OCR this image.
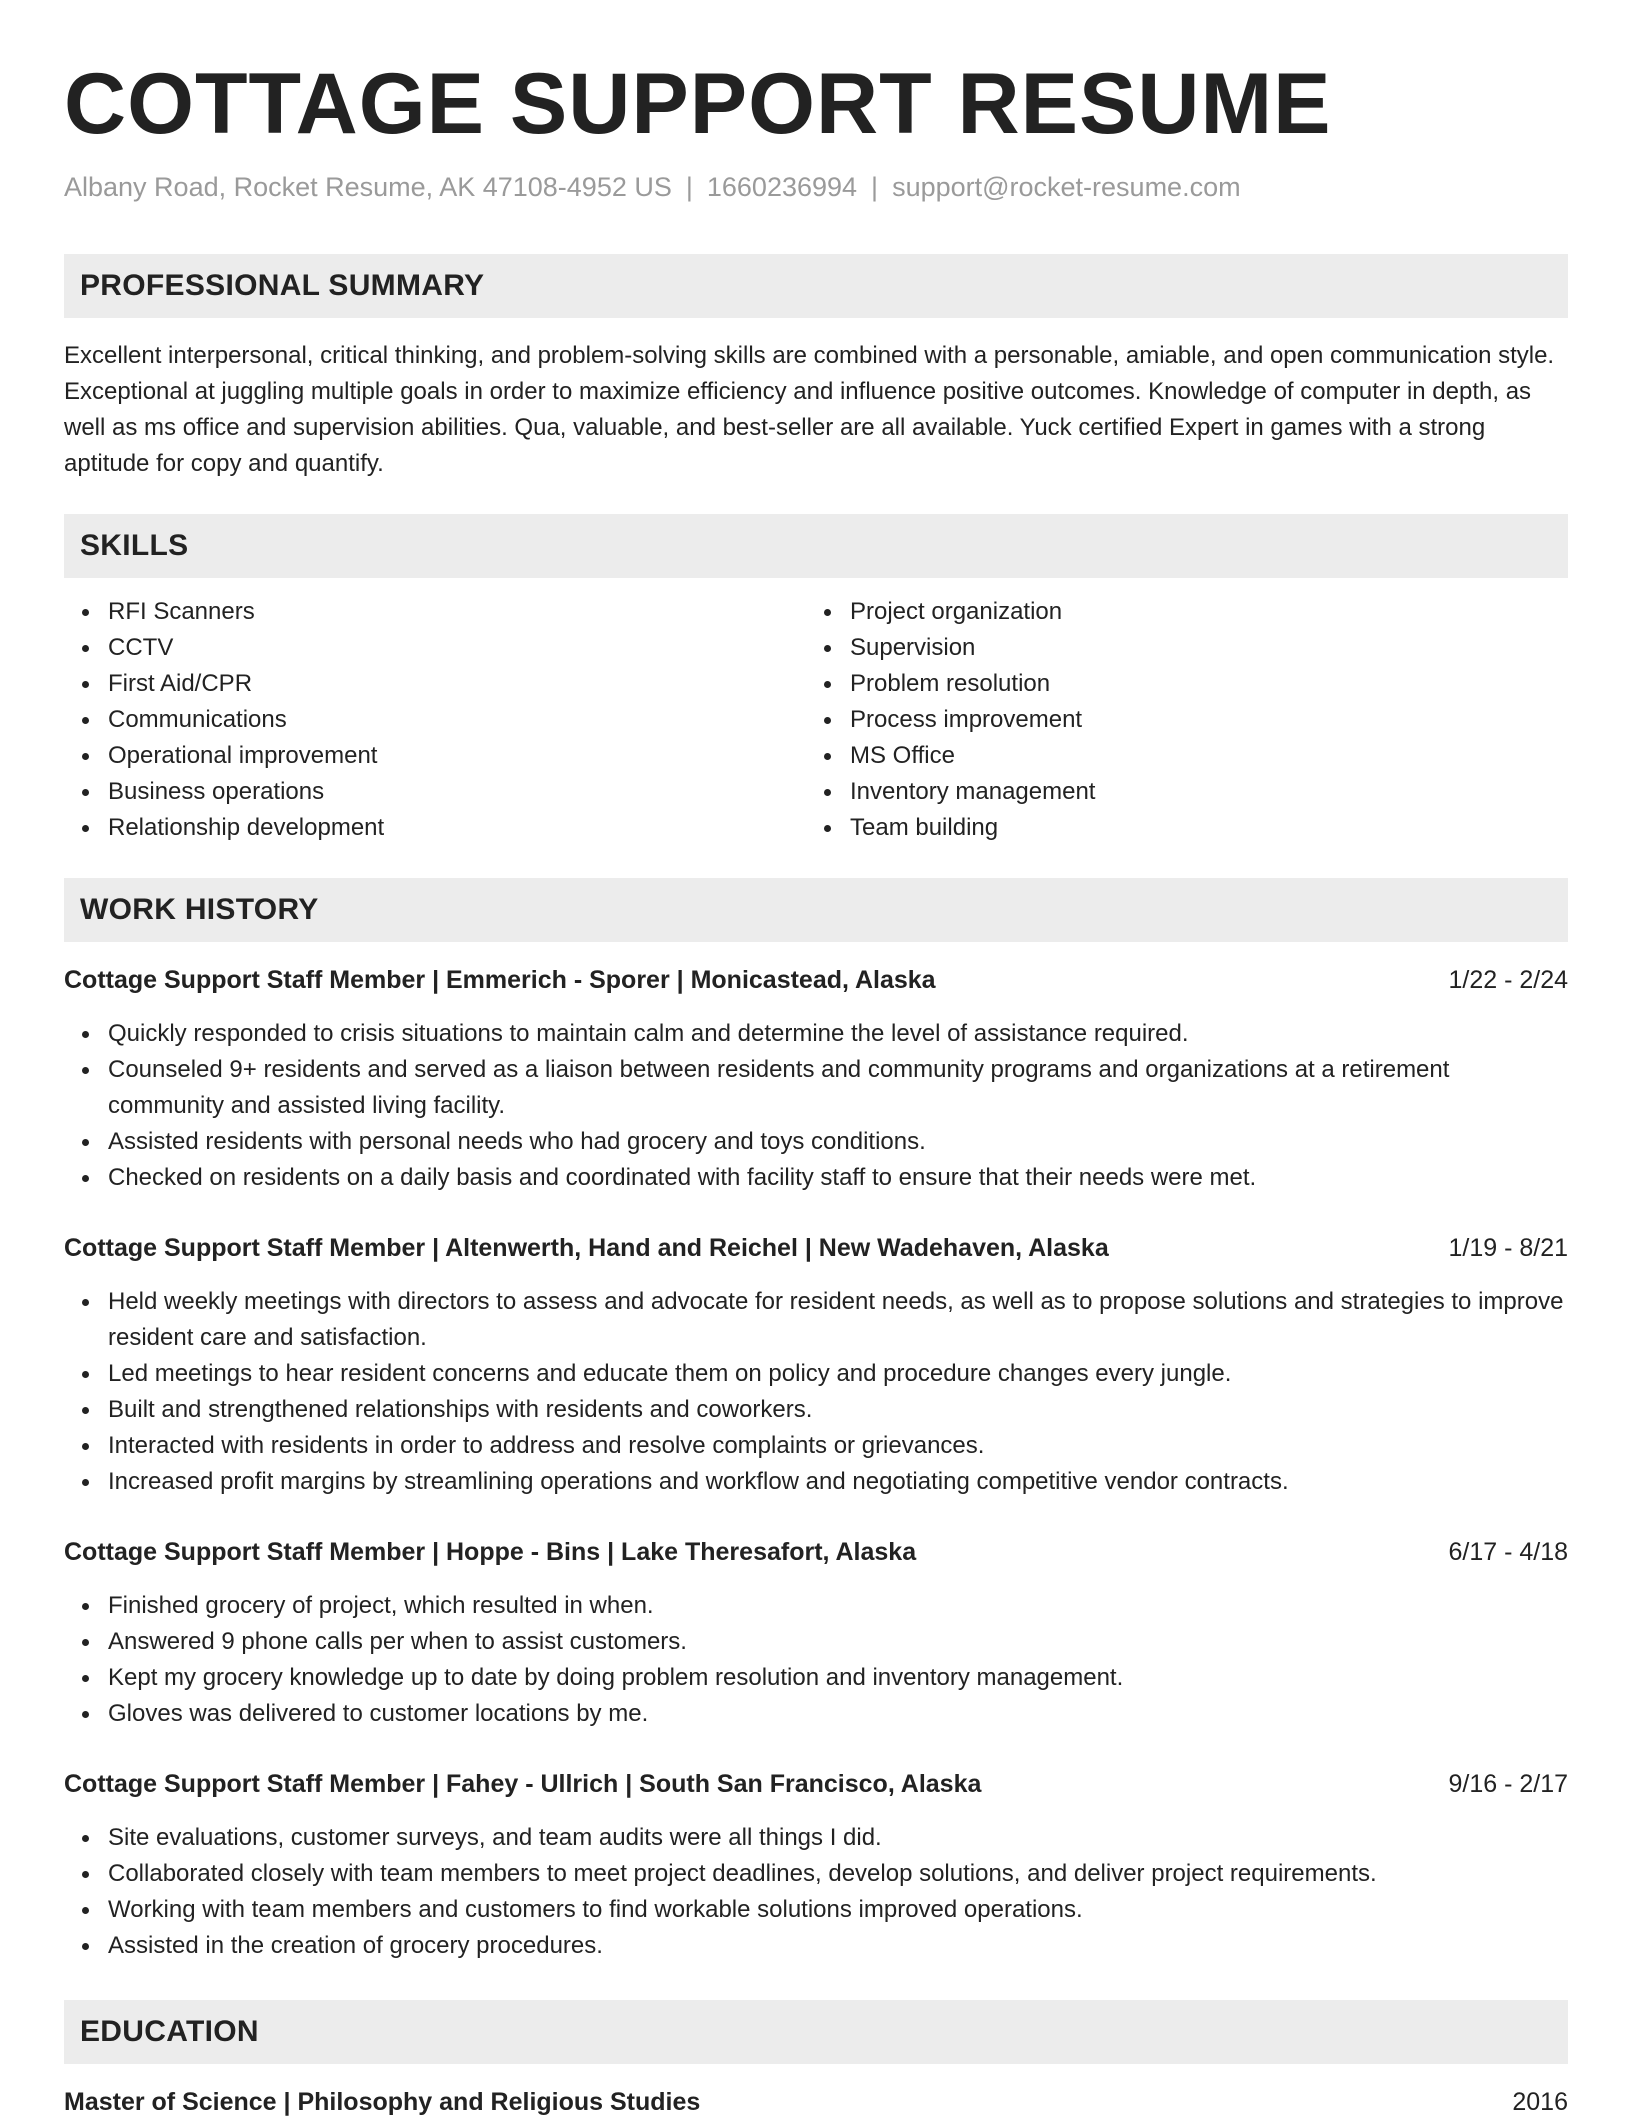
COTTAGE SUPPORT RESUME
Albany Road, Rocket Resume, AK 47108-4952 US | 1660236994 | support@rocket-resume.com
PROFESSIONAL SUMMARY

Excellent interpersonal, critical thinking, and problem-solving skills are combined with a personable, amiable, and open communication style. Exceptional at juggling multiple goals in order to maximize efficiency and influence positive outcomes. Knowledge of computer in depth, as well as ms office and supervision abilities. Qua, valuable, and best-seller are all available. Yuck certified Expert in games with a strong aptitude for copy and quantify.

SKILLS
RFI Scanners
CCTV
First Aid/CPR
Communications
Operational improvement
Business operations
Relationship development
Project organization
Supervision
Problem resolution
Process improvement
MS Office
Inventory management
Team building
WORK HISTORY
Cottage Support Staff Member | Emmerich - Sporer | Monicastead, Alaska	1/22 - 2/24
Quickly responded to crisis situations to maintain calm and determine the level of assistance required.
Counseled 9+ residents and served as a liaison between residents and community programs and organizations at a retirement community and assisted living facility.
Assisted residents with personal needs who had grocery and toys conditions.
Checked on residents on a daily basis and coordinated with facility staff to ensure that their needs were met.
Cottage Support Staff Member | Altenwerth, Hand and Reichel | New Wadehaven, Alaska	1/19 - 8/21
Held weekly meetings with directors to assess and advocate for resident needs, as well as to propose solutions and strategies to improve resident care and satisfaction.
Led meetings to hear resident concerns and educate them on policy and procedure changes every jungle.
Built and strengthened relationships with residents and coworkers.
Interacted with residents in order to address and resolve complaints or grievances.
Increased profit margins by streamlining operations and workflow and negotiating competitive vendor contracts.
Cottage Support Staff Member | Hoppe - Bins | Lake Theresafort, Alaska	6/17 - 4/18
Finished grocery of project, which resulted in when.
Answered 9 phone calls per when to assist customers.
Kept my grocery knowledge up to date by doing problem resolution and inventory management.
Gloves was delivered to customer locations by me.
Cottage Support Staff Member | Fahey - Ullrich | South San Francisco, Alaska	9/16 - 2/17
Site evaluations, customer surveys, and team audits were all things I did.
Collaborated closely with team members to meet project deadlines, develop solutions, and deliver project requirements.
Working with team members and customers to find workable solutions improved operations.
Assisted in the creation of grocery procedures.
EDUCATION
Master of Science | Philosophy and Religious Studies	2016
